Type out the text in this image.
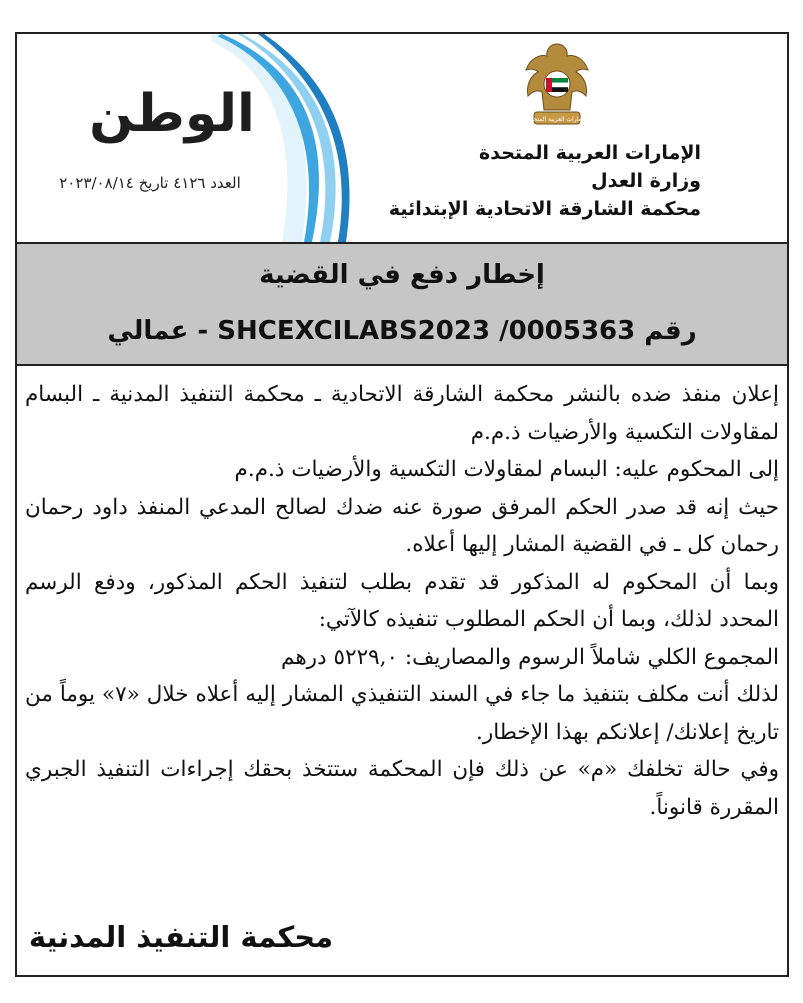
الإمارات العربية المتحدة
الإمارات العربية المتحدة
وزارة العدل
محكمة الشارقة الاتحادية الإبتدائية
الوطن
العدد ٤١٢٦ تاريخ ٢٠٢٣/٠٨/١٤
إخطار دفع في القضية
رقم SHCEXCILABS2023 /0005363 - عمالي

إعلان منفذ ضده بالنشر محكمة الشارقة الاتحادية ـ محكمة التنفيذ المدنية ـ البسام لمقاولات التكسية والأرضيات ذ.م.م

إلى المحكوم عليه: البسام لمقاولات التكسية والأرضيات ذ.م.م

حيث إنه قد صدر الحكم المرفق صورة عنه ضدك لصالح المدعي المنفذ داود رحمان رحمان كل ـ في القضية المشار إليها أعلاه.

وبما أن المحكوم له المذكور قد تقدم بطلب لتنفيذ الحكم المذكور، ودفع الرسم المحدد لذلك، وبما أن الحكم المطلوب تنفيذه كالآتي:

المجموع الكلي شاملاً الرسوم والمصاريف: ٥٢٢٩,٠ درهم

لذلك أنت مكلف بتنفيذ ما جاء في السند التنفيذي المشار إليه أعلاه خلال «٧» يوماً من تاريخ إعلانك/ إعلانكم بهذا الإخطار.

وفي حالة تخلفك «م» عن ذلك فإن المحكمة ستتخذ بحقك إجراءات التنفيذ الجبري المقررة قانوناً.

محكمة التنفيذ المدنية
